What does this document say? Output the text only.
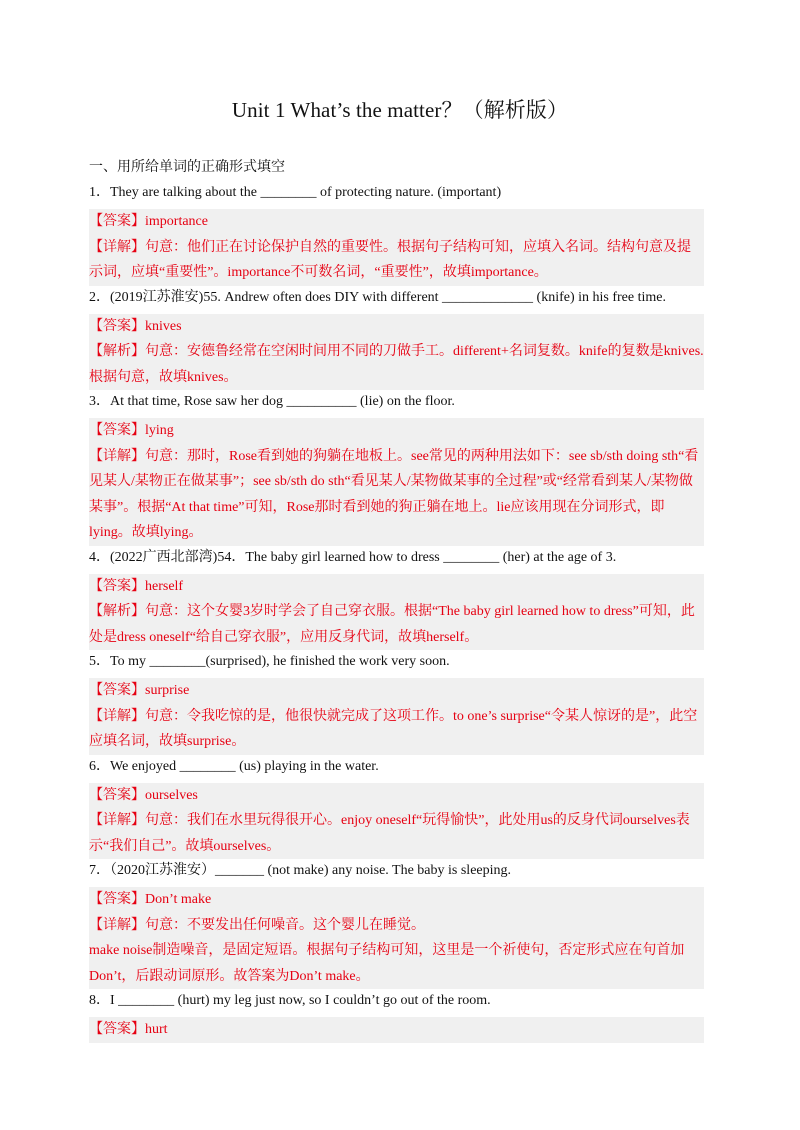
Unit 1 What’s the matter？（解析版）
一、用所给单词的正确形式填空
1．They are talking about the ________ of protecting nature. (important)
【答案】importance
【详解】句意：他们正在讨论保护自然的重要性。根据句子结构可知，应填入名词。结构句意及提示词，应填“重要性”。importance不可数名词，“重要性”，故填importance。
2．(2019江苏淮安)55. Andrew often does DIY with different _____________ (knife) in his free time.
【答案】knives
【解析】句意：安德鲁经常在空闲时间用不同的刀做手工。different+名词复数。knife的复数是knives.根据句意，故填knives。
3．At that time, Rose saw her dog __________ (lie) on the floor.
【答案】lying
【详解】句意：那时，Rose看到她的狗躺在地板上。see常见的两种用法如下：see sb/sth doing sth“看见某人/某物正在做某事”；see sb/sth do sth“看见某人/某物做某事的全过程”或“经常看到某人/某物做某事”。根据“At that time”可知，Rose那时看到她的狗正躺在地上。lie应该用现在分词形式，即lying。故填lying。
4．(2022广西北部湾)54．The baby girl learned how to dress ________ (her) at the age of 3.
【答案】herself
【解析】句意：这个女婴3岁时学会了自己穿衣服。根据“The baby girl learned how to dress”可知，此处是dress oneself“给自己穿衣服”，应用反身代词，故填herself。
5．To my ________(surprised), he finished the work very soon.
【答案】surprise
【详解】句意：令我吃惊的是，他很快就完成了这项工作。to one’s surprise“令某人惊讶的是”，此空应填名词，故填surprise。
6．We enjoyed ________ (us) playing in the water.
【答案】ourselves
【详解】句意：我们在水里玩得很开心。enjoy oneself“玩得愉快”，此处用us的反身代词ourselves表示“我们自己”。故填ourselves。
7．（2020江苏淮安）_______ (not make) any noise. The baby is sleeping.
【答案】Don’t make
【详解】句意：不要发出任何噪音。这个婴儿在睡觉。
make noise制造噪音，是固定短语。根据句子结构可知，这里是一个祈使句，否定形式应在句首加Don’t，后跟动词原形。故答案为Don’t make。
8．I ________ (hurt) my leg just now, so I couldn’t go out of the room.
【答案】hurt
